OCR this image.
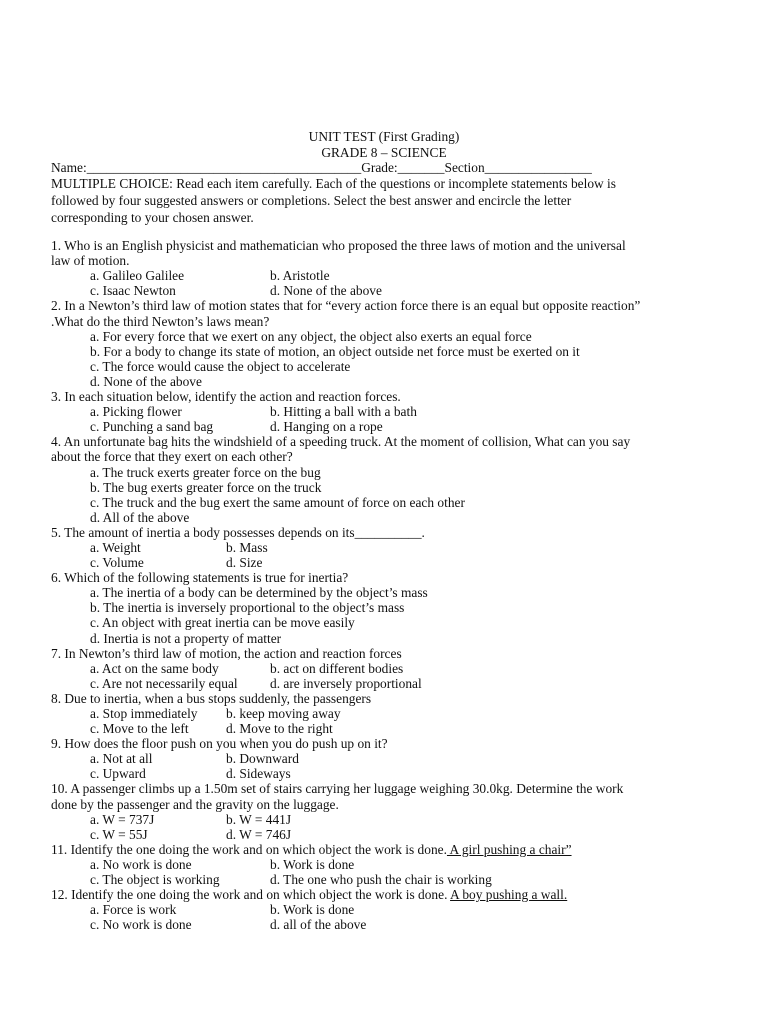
UNIT TEST (First Grading)
GRADE 8 – SCIENCE
Name:_________________________________________Grade:_______Section________________
MULTIPLE CHOICE: Read each item carefully. Each of the questions or incomplete statements below is
followed by four suggested answers or completions. Select the best answer and encircle the letter
corresponding to your chosen answer.
1. Who is an English physicist and mathematician who proposed the three laws of motion and the universal
law of motion.
a. Galileo Galilee	b. Aristotle
c. Isaac Newton	d. None of the above
2. In a Newton’s third law of motion states that for “every action force there is an equal but opposite reaction”
.What do the third Newton’s laws mean?
a. For every force that we exert on any object, the object also exerts an equal force
b. For a body to change its state of motion, an object outside net force must be exerted on it
c. The force would cause the object to accelerate
d. None of the above
3. In each situation below, identify the action and reaction forces.
a. Picking flower	b. Hitting a ball with a bath
c. Punching a sand bag	d. Hanging on a rope
4. An unfortunate bag hits the windshield of a speeding truck. At the moment of collision, What can you say
about the force that they exert on each other?
a. The truck exerts greater force on the bug
b. The bug exerts greater force on the truck
c. The truck and the bug exert the same amount of force on each other
d. All of the above
5. The amount of inertia a body possesses depends on its__________.
a. Weight	b. Mass
c. Volume	d. Size
6. Which of the following statements is true for inertia?
a. The inertia of a body can be determined by the object’s mass
b. The inertia is inversely proportional to the object’s mass
c. An object with great inertia can be move easily
d. Inertia is not a property of matter
7. In Newton’s third law of motion, the action and reaction forces
a. Act on the same body	b. act on different bodies
c. Are not necessarily equal d. are inversely proportional
8. Due to inertia, when a bus stops suddenly, the passengers
a. Stop immediately b. keep moving away
c. Move to the left	d. Move to the right
9. How does the floor push on you when you do push up on it?
a. Not at all	b. Downward
c. Upward	d. Sideways
10. A passenger climbs up a 1.50m set of stairs carrying her luggage weighing 30.0kg. Determine the work
done by the passenger and the gravity on the luggage.
a. W = 737J	b. W = 441J
c. W = 55J	d. W = 746J
11. Identify the one doing the work and on which object the work is done. A girl pushing a chair”
a. No work is done	b. Work is done
c. The object is working	d. The one who push the chair is working
12. Identify the one doing the work and on which object the work is done. A boy pushing a wall.
a. Force is work	b. Work is done
c. No work is done	d. all of the above
